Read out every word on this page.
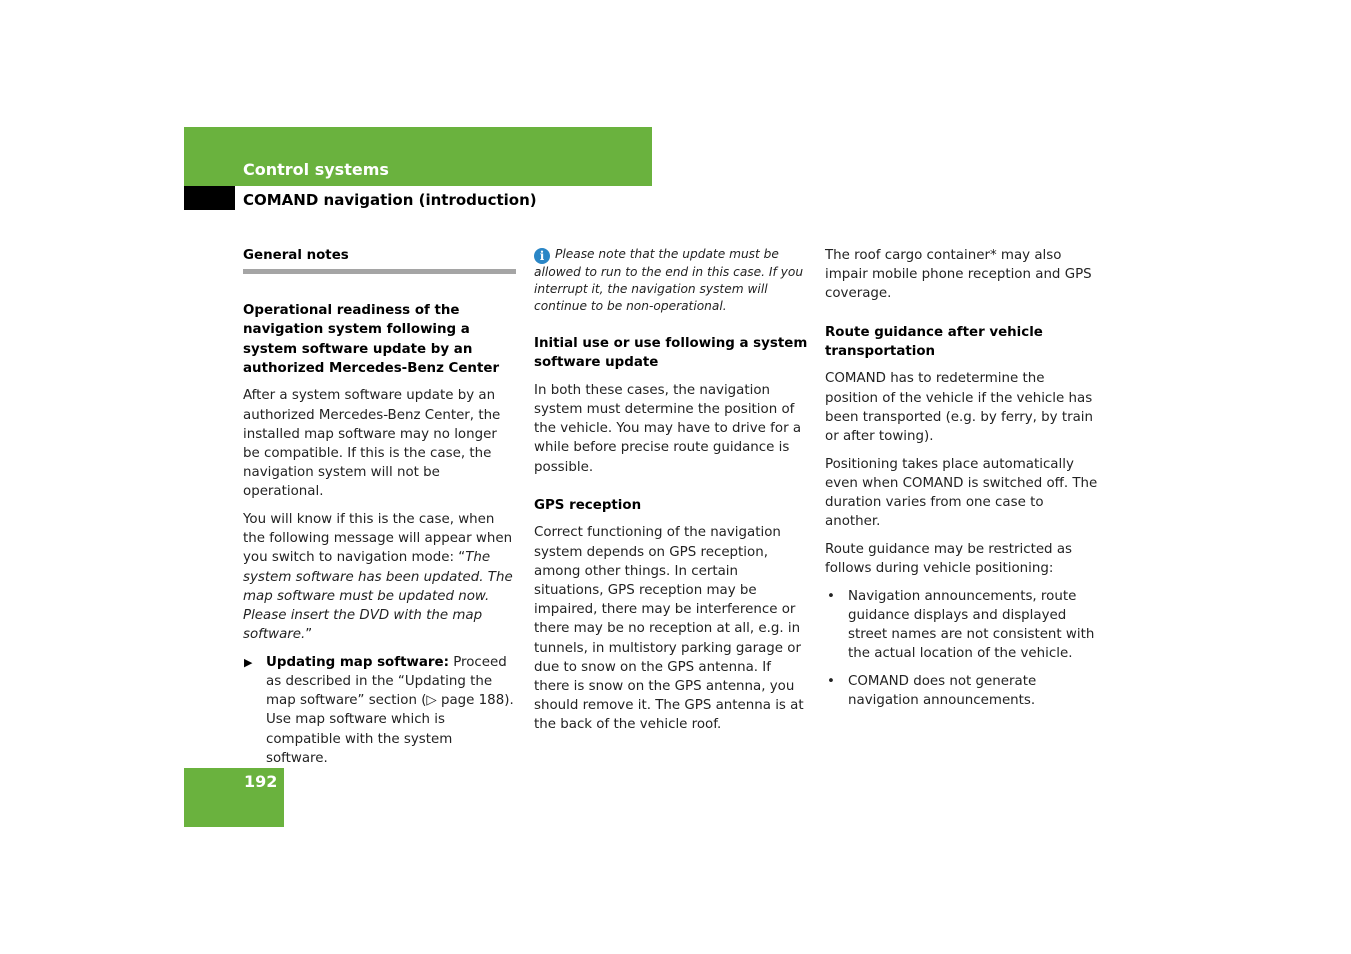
Control systems
COMAND navigation (introduction)
General notes

Operational readiness of the navigation system following a system software update by an authorized Mercedes-Benz Center

After a system software update by an authorized Mercedes-Benz Center, the installed map software may no longer be compatible. If this is the case, the navigation system will not be operational.

You will know if this is the case, when the following message will appear when you switch to navigation mode: “The system software has been updated. The map software must be updated now. Please insert the DVD with the map software.”

▶ Updating map software: Proceed as described in the “Updating the map software” section (▷ page 188). Use map software which is compatible with the system software.

i Please note that the update must be allowed to run to the end in this case. If you interrupt it, the navigation system will continue to be non-operational.

Initial use or use following a system software update

In both these cases, the navigation system must determine the position of the vehicle. You may have to drive for a while before precise route guidance is possible.

GPS reception

Correct functioning of the navigation system depends on GPS reception, among other things. In certain situations, GPS reception may be impaired, there may be interference or there may be no reception at all, e.g. in tunnels, in multistory parking garage or due to snow on the GPS antenna. If there is snow on the GPS antenna, you should remove it. The GPS antenna is at the back of the vehicle roof.

The roof cargo container* may also impair mobile phone reception and GPS coverage.

Route guidance after vehicle transportation

COMAND has to redetermine the position of the vehicle if the vehicle has been transported (e.g. by ferry, by train or after towing).

Positioning takes place automatically even when COMAND is switched off. The duration varies from one case to another.

Route guidance may be restricted as follows during vehicle positioning:

• Navigation announcements, route guidance displays and displayed street names are not consistent with the actual location of the vehicle.

• COMAND does not generate navigation announcements.

192
